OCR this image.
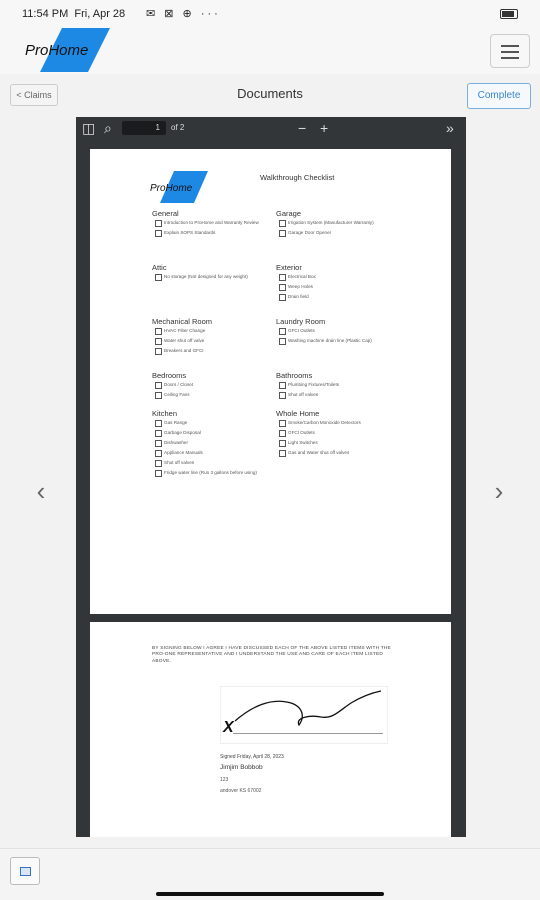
11:54 PM Fri, Apr 28 ✉ ⊠ ⊕ ···
ProHome
< Claims	Documents	Complete
‹	›
◫ ⌕	1	of 2	− +	»
ProHome
Walkthrough Checklist
General
Introduction to ProHome and Warranty Review
Explain SOPS Standards
Garage
Irrigation System (Manufacturer Warranty)
Garage Door Opener
Attic
No storage (Not designed for any weight)
Exterior
Electrical Box
Weep Holes
Drain field
Mechanical Room
HVAC Filter Change
Water shut off valve
Breakers and GFCI
Laundry Room
GFCI Outlets
Washing machine drain line (Plastic Cap)
Bedrooms
Doors / Closet
Ceiling Fans
Bathrooms
Plumbing Fixtures/Toilets
Shut off valves
Kitchen
Gas Range
Garbage Disposal
Dishwasher
Appliance Manuals
Shut off valves
Fridge water line (Run 3 gallons before using)
Whole Home
Smoke/Carbon Monoxide Detectors
GFCI Outlets
Light Switches
Gas and Water shut off valves
BY SIGNING BELOW I AGREE I HAVE DISCUSSED EACH OF THE ABOVE LISTED ITEMS WITH THE PRO-ONE REPRESENTATIVE AND I UNDERSTAND THE USE AND CARE OF EACH ITEM LISTED ABOVE.
X
Signed Friday, April 28, 2023
Jimjim Bobbob
123
andover KS 67002
